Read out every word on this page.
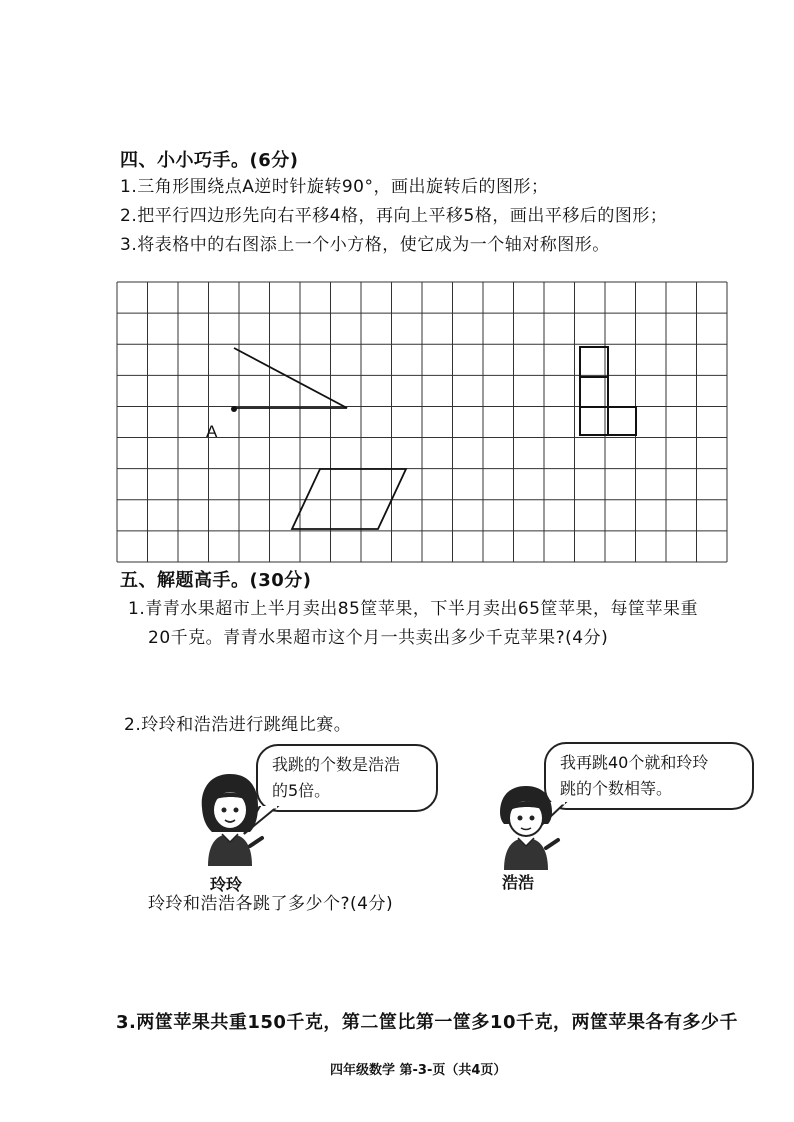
四、小小巧手。(6分)
1.三角形围绕点A逆时针旋转90°，画出旋转后的图形；
2.把平行四边形先向右平移4格，再向上平移5格，画出平移后的图形；
3.将表格中的右图添上一个小方格，使它成为一个轴对称图形。
A
五、解题高手。(30分)
1.青青水果超市上半月卖出85筐苹果，下半月卖出65筐苹果，每筐苹果重
20千克。青青水果超市这个月一共卖出多少千克苹果?(4分)
2.玲玲和浩浩进行跳绳比赛。
我跳的个数是浩浩
的5倍。
我再跳40个就和玲玲
跳的个数相等。
玲玲	浩浩
玲玲和浩浩各跳了多少个?(4分)
3.两筐苹果共重150千克，第二筐比第一筐多10千克，两筐苹果各有多少千
四年级数学 第-3-页（共4页）
